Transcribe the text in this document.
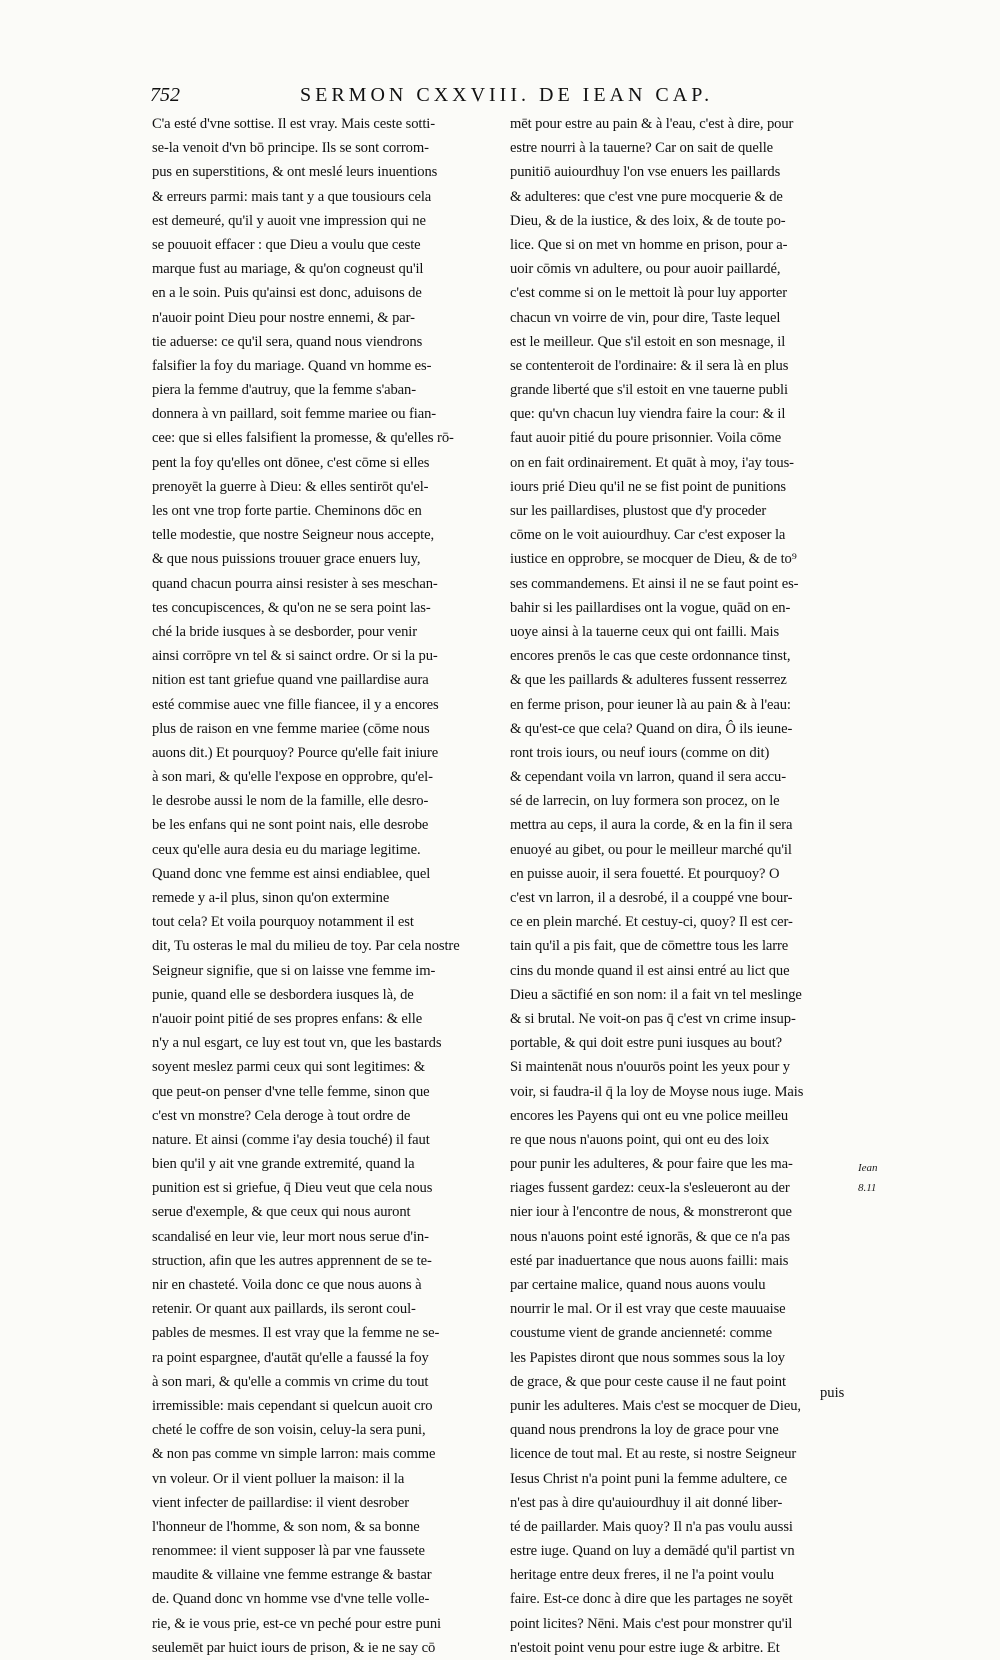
752	SERMON CXXVIII. DE IEAN CAP.
C'a esté d'vne sottise. Il est vray. Mais ceste sotti-
se-la venoit d'vn bō principe. Ils se sont corrom-
pus en superstitions, & ont meslé leurs inuentions
& erreurs parmi: mais tant y a que tousiours cela
est demeuré, qu'il y auoit vne impression qui ne
se pouuoit effacer : que Dieu a voulu que ceste
marque fust au mariage, & qu'on cogneust qu'il
en a le soin. Puis qu'ainsi est donc, aduisons de
n'auoir point Dieu pour nostre ennemi, & par-
tie aduerse: ce qu'il sera, quand nous viendrons
falsifier la foy du mariage. Quand vn homme es-
piera la femme d'autruy, que la femme s'aban-
donnera à vn paillard, soit femme mariee ou fian-
cee: que si elles falsifient la promesse, & qu'elles rō-
pent la foy qu'elles ont dōnee, c'est cōme si elles
prenoyēt la guerre à Dieu: & elles sentirōt qu'el-
les ont vne trop forte partie. Cheminons dōc en
telle modestie, que nostre Seigneur nous accepte,
& que nous puissions trouuer grace enuers luy,
quand chacun pourra ainsi resister à ses meschan-
tes concupiscences, & qu'on ne se sera point las-
ché la bride iusques à se desborder, pour venir
ainsi corrōpre vn tel & si sainct ordre. Or si la pu-
nition est tant griefue quand vne paillardise aura
esté commise auec vne fille fiancee, il y a encores
plus de raison en vne femme mariee (cōme nous
auons dit.) Et pourquoy? Pource qu'elle fait iniure
à son mari, & qu'elle l'expose en opprobre, qu'el-
le desrobe aussi le nom de la famille, elle desro-
be les enfans qui ne sont point nais, elle desrobe
ceux qu'elle aura desia eu du mariage legitime.
Quand donc vne femme est ainsi endiablee, quel
remede y a-il plus, sinon qu'on extermine
tout cela? Et voila pourquoy notamment il est
dit, Tu osteras le mal du milieu de toy. Par cela nostre
Seigneur signifie, que si on laisse vne femme im-
punie, quand elle se desbordera iusques là, de
n'auoir point pitié de ses propres enfans: & elle
n'y a nul esgart, ce luy est tout vn, que les bastards
soyent meslez parmi ceux qui sont legitimes: &
que peut-on penser d'vne telle femme, sinon que
c'est vn monstre? Cela deroge à tout ordre de
nature. Et ainsi (comme i'ay desia touché) il faut
bien qu'il y ait vne grande extremité, quand la
punition est si griefue, q̄ Dieu veut que cela nous
serue d'exemple, & que ceux qui nous auront
scandalisé en leur vie, leur mort nous serue d'in-
struction, afin que les autres apprennent de se te-
nir en chasteté. Voila donc ce que nous auons à
retenir. Or quant aux paillards, ils seront coul-
pables de mesmes. Il est vray que la femme ne se-
ra point espargnee, d'autāt qu'elle a faussé la foy
à son mari, & qu'elle a commis vn crime du tout
irremissible: mais cependant si quelcun auoit cro
cheté le coffre de son voisin, celuy-la sera puni,
& non pas comme vn simple larron: mais comme
vn voleur. Or il vient polluer la maison: il la
vient infecter de paillardise: il vient desrober
l'honneur de l'homme, & son nom, & sa bonne
renommee: il vient supposer là par vne faussete
maudite & villaine vne femme estrange & bastar
de. Quand donc vn homme vse d'vne telle volle-
rie, & ie vous prie, est-ce vn peché pour estre puni
seulemēt par huict iours de prison, & ie ne say cō
mēt pour estre au pain & à l'eau, c'est à dire, pour
estre nourri à la tauerne? Car on sait de quelle
punitiō auiourdhuy l'on vse enuers les paillards
& adulteres: que c'est vne pure mocquerie & de
Dieu, & de la iustice, & des loix, & de toute po-
lice. Que si on met vn homme en prison, pour a-
uoir cōmis vn adultere, ou pour auoir paillardé,
c'est comme si on le mettoit là pour luy apporter
chacun vn voirre de vin, pour dire, Taste lequel
est le meilleur. Que s'il estoit en son mesnage, il
se contenteroit de l'ordinaire: & il sera là en plus
grande liberté que s'il estoit en vne tauerne publi
que: qu'vn chacun luy viendra faire la cour: & il
faut auoir pitié du poure prisonnier. Voila cōme
on en fait ordinairement. Et quāt à moy, i'ay tous-
iours prié Dieu qu'il ne se fist point de punitions
sur les paillardises, plustost que d'y proceder
cōme on le voit auiourdhuy. Car c'est exposer la
iustice en opprobre, se mocquer de Dieu, & de to⁹
ses commandemens. Et ainsi il ne se faut point es-
bahir si les paillardises ont la vogue, quād on en-
uoye ainsi à la tauerne ceux qui ont failli. Mais
encores prenōs le cas que ceste ordonnance tinst,
& que les paillards & adulteres fussent resserrez
en ferme prison, pour ieuner là au pain & à l'eau:
& qu'est-ce que cela? Quand on dira, Ô ils ieune-
ront trois iours, ou neuf iours (comme on dit)
& cependant voila vn larron, quand il sera accu-
sé de larrecin, on luy formera son procez, on le
mettra au ceps, il aura la corde, & en la fin il sera
enuoyé au gibet, ou pour le meilleur marché qu'il
en puisse auoir, il sera fouetté. Et pourquoy? O
c'est vn larron, il a desrobé, il a couppé vne bour-
ce en plein marché. Et cestuy-ci, quoy? Il est cer-
tain qu'il a pis fait, que de cōmettre tous les larre
cins du monde quand il est ainsi entré au lict que
Dieu a sāctifié en son nom: il a fait vn tel meslinge
& si brutal. Ne voit-on pas q̄ c'est vn crime insup-
portable, & qui doit estre puni iusques au bout?
Si maintenāt nous n'ouurōs point les yeux pour y
voir, si faudra-il q̄ la loy de Moyse nous iuge. Mais
encores les Payens qui ont eu vne police meilleu
re que nous n'auons point, qui ont eu des loix
pour punir les adulteres, & pour faire que les ma-
riages fussent gardez: ceux-la s'esleueront au der
nier iour à l'encontre de nous, & monstreront que
nous n'auons point esté ignorās, & que ce n'a pas
esté par inaduertance que nous auons failli: mais
par certaine malice, quand nous auons voulu
nourrir le mal. Or il est vray que ceste mauuaise
coustume vient de grande ancienneté: comme
les Papistes diront que nous sommes sous la loy
de grace, & que pour ceste cause il ne faut point
punir les adulteres. Mais c'est se mocquer de Dieu,
quand nous prendrons la loy de grace pour vne
licence de tout mal. Et au reste, si nostre Seigneur
Iesus Christ n'a point puni la femme adultere, ce
n'est pas à dire qu'auiourdhuy il ait donné liber-
té de paillarder. Mais quoy? Il n'a pas voulu aussi
estre iuge. Quand on luy a demādé qu'il partist vn
heritage entre deux freres, il ne l'a point voulu
faire. Est-ce donc à dire que les partages ne soyēt
point licites? Nēni. Mais c'est pour monstrer qu'il
n'estoit point venu pour estre iuge & arbitre. Et
Iean
8.11
puis
